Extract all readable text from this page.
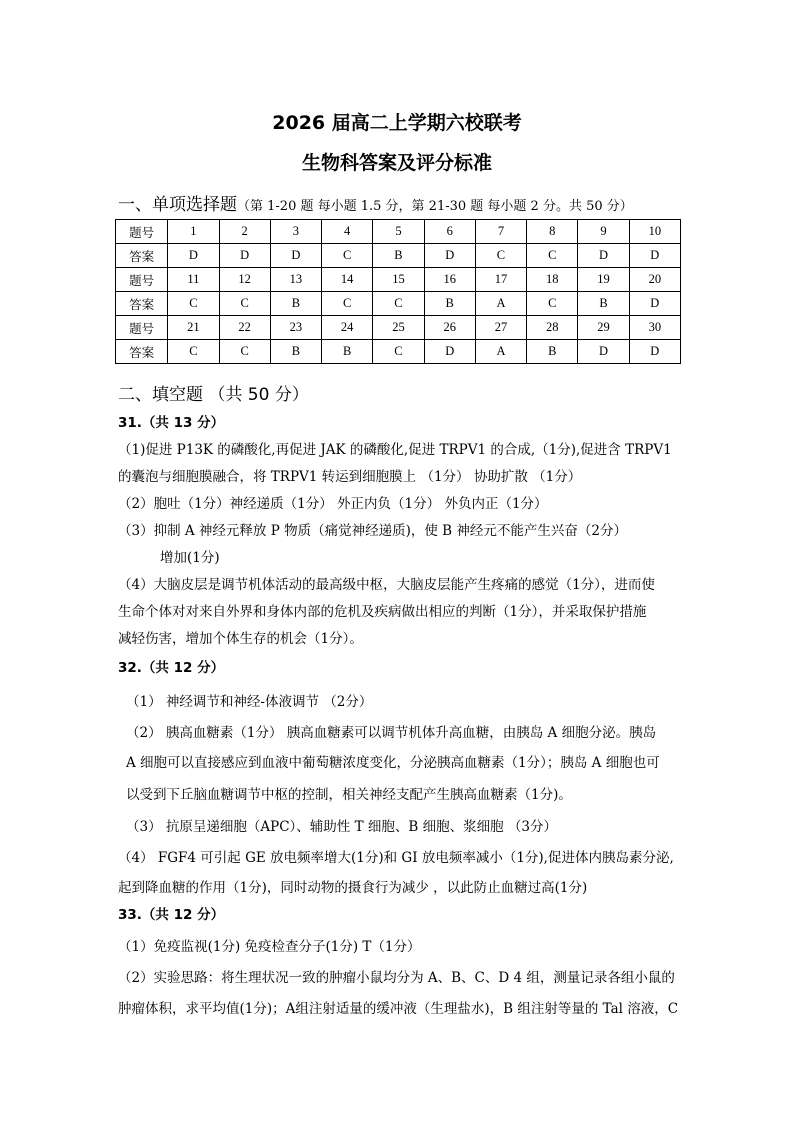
2026 届高二上学期六校联考
生物科答案及评分标准
一、单项选择题（第 1-20 题 每小题 1.5 分，第 21-30 题 每小题 2 分。共 50 分）
题号	1	2	3	4	5	6	7	8	9	10
答案	D	D	D	C	B	D	C	C	D	D
题号	11	12	13	14	15	16	17	18	19	20
答案	C	C	B	C	C	B	A	C	B	D
题号	21	22	23	24	25	26	27	28	29	30
答案	C	C	B	B	C	D	A	B	D	D
二、填空题 （共 50 分）
31.（共 13 分）
（1)促进 P13K 的磷酸化,再促进 JAK 的磷酸化,促进 TRPV1 的合成,（1分),促进含 TRPV1
的囊泡与细胞膜融合，将 TRPV1 转运到细胞膜上 （1分） 协助扩散 （1分）
（2）胞吐（1分）神经递质（1分） 外正内负（1分） 外负内正（1分）
（3）抑制 A 神经元释放 P 物质（痛觉神经递质)，使 B 神经元不能产生兴奋（2分）
增加(1分)
（4）大脑皮层是调节机体活动的最高级中枢，大脑皮层能产生疼痛的感觉（1分），进而使
生命个体对对来自外界和身体内部的危机及疾病做出相应的判断（1分），并采取保护措施
减轻伤害，增加个体生存的机会（1分）。
32.（共 12 分）
（1） 神经调节和神经-体液调节 （2分）
（2） 胰高血糖素（1分） 胰高血糖素可以调节机体升高血糖，由胰岛 A 细胞分泌。胰岛
A 细胞可以直接感应到血液中葡萄糖浓度变化，分泌胰高血糖素（1分）；胰岛 A 细胞也可
以受到下丘脑血糖调节中枢的控制，相关神经支配产生胰高血糖素（1分)。
（3） 抗原呈递细胞（APC）、辅助性 T 细胞、B 细胞、浆细胞 （3分）
（4） FGF4 可引起 GE 放电频率增大(1分)和 GI 放电频率减小（1分),促进体内胰岛素分泌,
起到降血糖的作用（1分)，同时动物的摄食行为减少 ，以此防止血糖过高(1分)
33.（共 12 分）
（1）免疫监视(1分) 免疫检查分子(1分) T（1分）
（2）实验思路：将生理状况一致的肿瘤小鼠均分为 A、B、C、D 4 组，测量记录各组小鼠的
肿瘤体积，求平均值(1分)；A组注射适量的缓冲液（生理盐水)，B 组注射等量的 Tal 溶液，C
